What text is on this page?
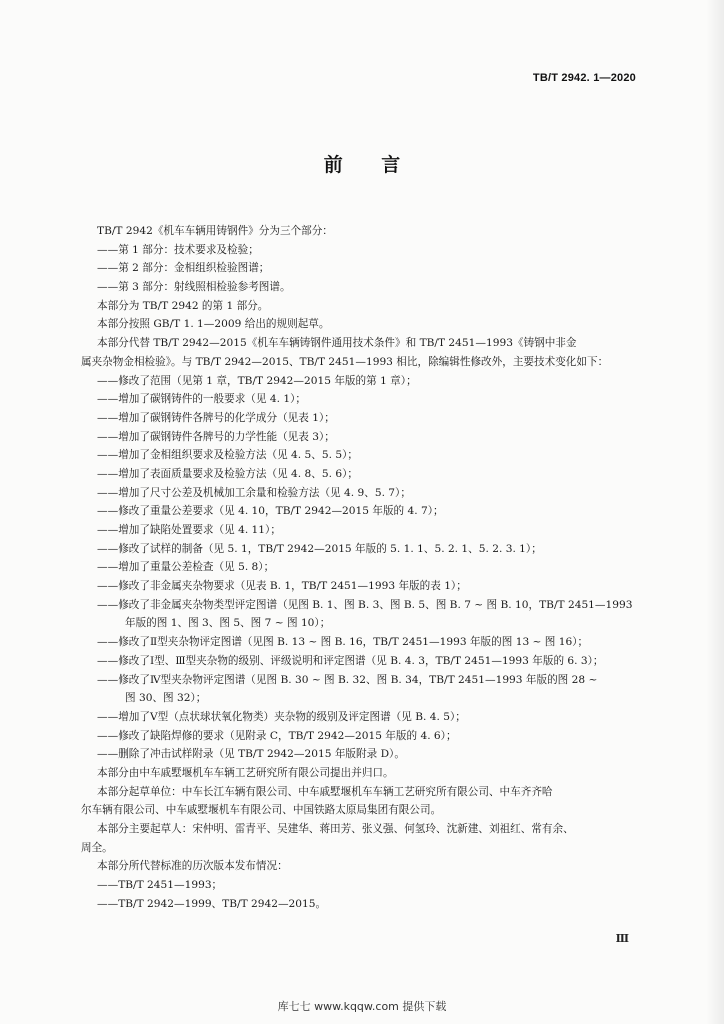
TB/T 2942. 1—2020
前 言
TB/T 2942《机车车辆用铸钢件》分为三个部分：
——第 1 部分：技术要求及检验；
——第 2 部分：金相组织检验图谱；
——第 3 部分：射线照相检验参考图谱。
本部分为 TB/T 2942 的第 1 部分。
本部分按照 GB/T 1. 1—2009 给出的规则起草。
本部分代替 TB/T 2942—2015《机车车辆铸钢件通用技术条件》和 TB/T 2451—1993《铸钢中非金
属夹杂物金相检验》。与 TB/T 2942—2015、TB/T 2451—1993 相比，除编辑性修改外，主要技术变化如下：
——修改了范围（见第 1 章，TB/T 2942—2015 年版的第 1 章）；
——增加了碳钢铸件的一般要求（见 4. 1）；
——增加了碳钢铸件各牌号的化学成分（见表 1）；
——增加了碳钢铸件各牌号的力学性能（见表 3）；
——增加了金相组织要求及检验方法（见 4. 5、5. 5）；
——增加了表面质量要求及检验方法（见 4. 8、5. 6）；
——增加了尺寸公差及机械加工余量和检验方法（见 4. 9、5. 7）；
——修改了重量公差要求（见 4. 10，TB/T 2942—2015 年版的 4. 7）；
——增加了缺陷处置要求（见 4. 11）；
——修改了试样的制备（见 5. 1，TB/T 2942—2015 年版的 5. 1. 1、5. 2. 1、5. 2. 3. 1）；
——增加了重量公差检查（见 5. 8）；
——修改了非金属夹杂物要求（见表 B. 1，TB/T 2451—1993 年版的表 1）；
——修改了非金属夹杂物类型评定图谱（见图 B. 1、图 B. 3、图 B. 5、图 B. 7 ~ 图 B. 10，TB/T 2451—1993
年版的图 1、图 3、图 5、图 7 ~ 图 10）；
——修改了Ⅱ型夹杂物评定图谱（见图 B. 13 ~ 图 B. 16，TB/T 2451—1993 年版的图 13 ~ 图 16）；
——修改了Ⅰ型、Ⅲ型夹杂物的级别、评级说明和评定图谱（见 B. 4. 3，TB/T 2451—1993 年版的 6. 3）；
——修改了Ⅳ型夹杂物评定图谱（见图 B. 30 ~ 图 B. 32、图 B. 34，TB/T 2451—1993 年版的图 28 ~
图 30、图 32）；
——增加了Ⅴ型（点状球状氧化物类）夹杂物的级别及评定图谱（见 B. 4. 5）；
——修改了缺陷焊修的要求（见附录 C，TB/T 2942—2015 年版的 4. 6）；
——删除了冲击试样附录（见 TB/T 2942—2015 年版附录 D）。
本部分由中车戚墅堰机车车辆工艺研究所有限公司提出并归口。
本部分起草单位：中车长江车辆有限公司、中车戚墅堰机车车辆工艺研究所有限公司、中车齐齐哈
尔车辆有限公司、中车戚墅堰机车有限公司、中国铁路太原局集团有限公司。
本部分主要起草人：宋仲明、雷青平、吴建华、蒋田芳、张义强、何氢玲、沈新建、刘祖红、常有余、
周全。
本部分所代替标准的历次版本发布情况：
——TB/T 2451—1993；
——TB/T 2942—1999、TB/T 2942—2015。
Ⅲ
库七七 www.kqqw.com 提供下载
